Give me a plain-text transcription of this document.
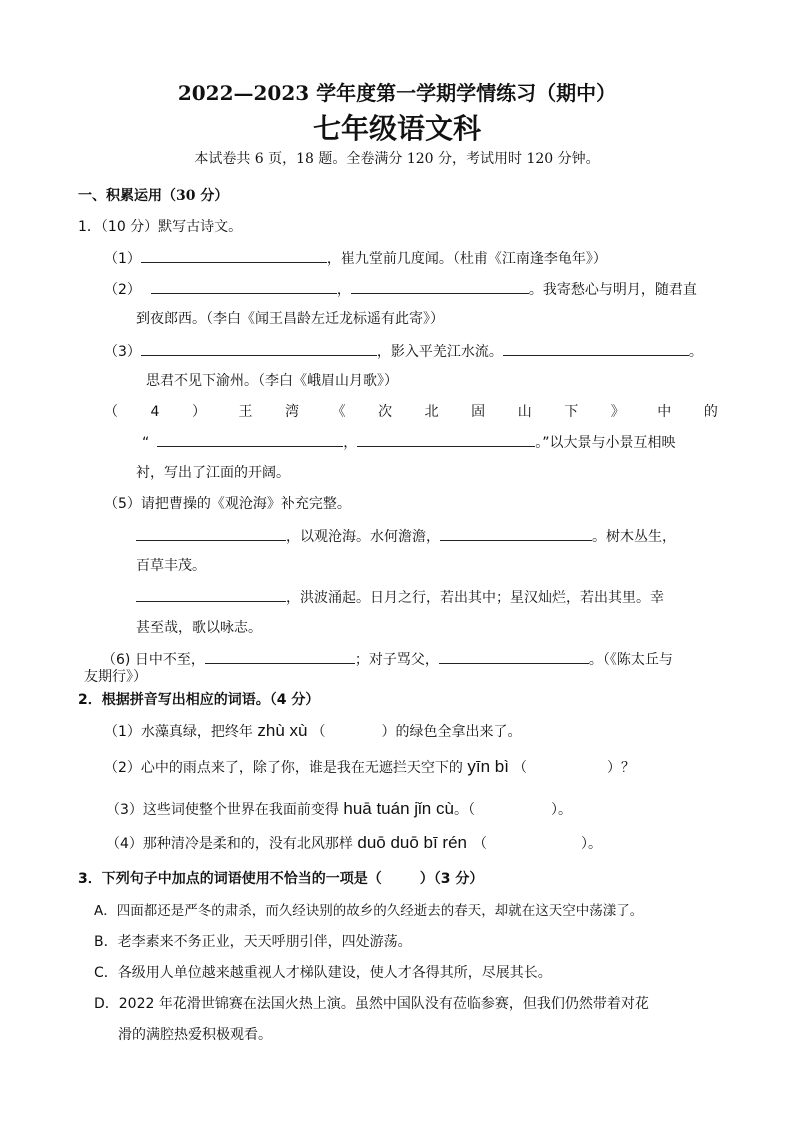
2022—2023 学年度第一学期学情练习（期中）
七年级语文科
本试卷共 6 页，18 题。全卷满分 120 分，考试用时 120 分钟。
一、积累运用（30 分）
1．（10 分）默写古诗文。
（1）	，崔九堂前几度闻。（杜甫《江南逢李龟年》）
（2）	，	。我寄愁心与明月，随君直
到夜郎西。（李白《闻王昌龄左迁龙标遥有此寄》）
（3）	，影入平羌江水流。	。
思君不见下渝州。（李白《峨眉山月歌》）
（ 4 ） 王 湾 《 次 北 固 山 下 》 中 的
“	，	。”以大景与小景互相映
衬，写出了江面的开阔。
（5）请把曹操的《观沧海》补充完整。
，以观沧海。水何澹澹，	。树木丛生，
百草丰茂。
，洪波涌起。日月之行，若出其中；星汉灿烂，若出其里。幸
甚至哉，歌以咏志。
（6) 日中不至，	；对子骂父，	。（《陈太丘与
友期行》）
2．根据拼音写出相应的词语。（4 分）
（1）水藻真绿，把终年 zhù xù （	）的绿色全拿出来了。
（2）心中的雨点来了，除了你，谁是我在无遮拦天空下的 yīn bì （	）？
（3）这些词使整个世界在我面前变得 huā tuán jǐn cù。（	）。
（4）那种清冷是柔和的，没有北风那样 duō duō bī rén （	）。
3．下列句子中加点的词语使用不恰当的一项是（	）（3 分）
A．四面都还是严冬的肃杀，而久经诀别的故乡的久经逝去的春天，却就在这天空中荡漾了。
B．老李素来不务正业，天天呼朋引伴，四处游荡。
C．各级用人单位越来越重视人才梯队建设，使人才各得其所，尽展其长。
D．2022 年花滑世锦赛在法国火热上演。虽然中国队没有莅临参赛，但我们仍然带着对花
滑的满腔热爱积极观看。
